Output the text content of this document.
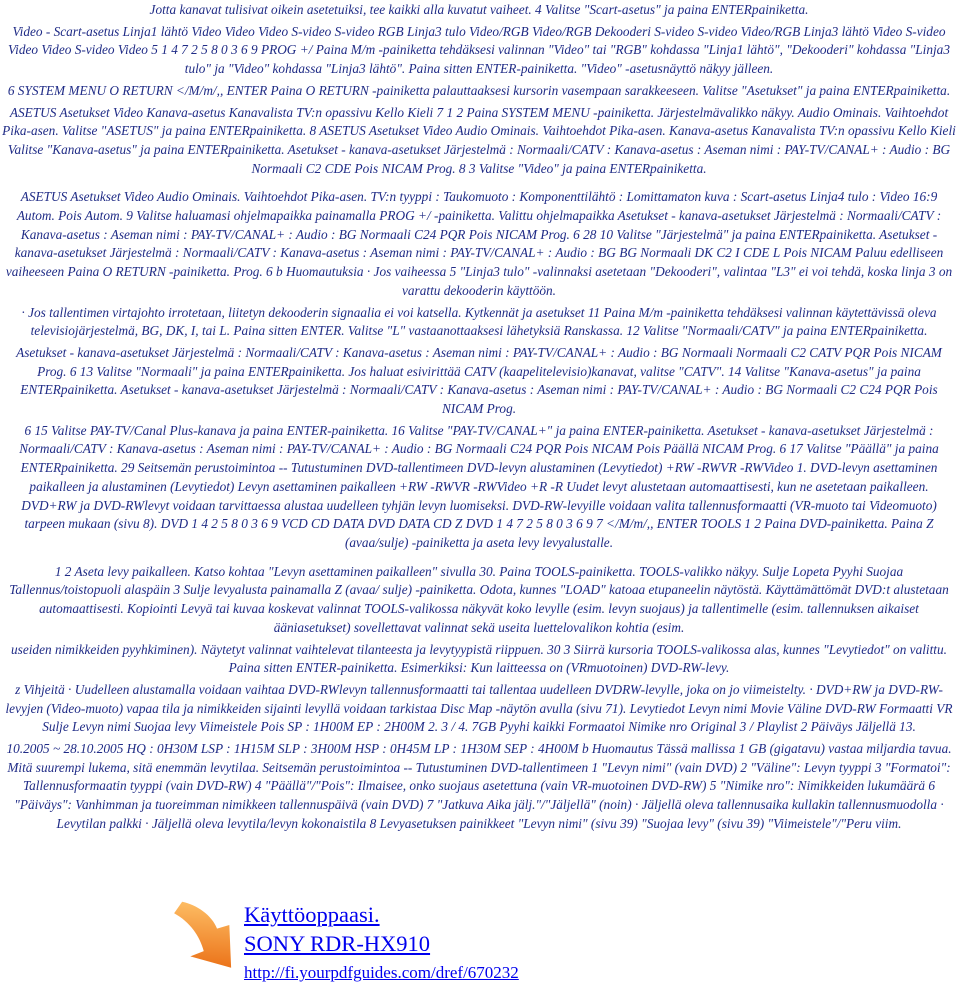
Jotta kanavat tulisivat oikein asetetuiksi, tee kaikki alla kuvatut vaiheet. 4 Valitse "Scart-asetus" ja paina ENTERpainiketta.

Video - Scart-asetus Linja1 lähtö Video Video Video S-video S-video RGB Linja3 tulo Video/RGB Video/RGB Dekooderi S-video S-video Video/RGB Linja3 lähtö Video S-video Video Video S-video Video 5 1 4 7 2 5 8 0 3 6 9 PROG +/ Paina M/m -painiketta tehdäksesi valinnan "Video" tai "RGB" kohdassa "Linja1 lähtö", "Dekooderi" kohdassa "Linja3 tulo" ja "Video" kohdassa "Linja3 lähtö". Paina sitten ENTER-painiketta. "Video" -asetusnäyttö näkyy jälleen.

6 SYSTEM MENU O RETURN </M/m/,, ENTER Paina O RETURN -painiketta palauttaaksesi kursorin vasempaan sarakkeeseen. Valitse "Asetukset" ja paina ENTERpainiketta.

ASETUS Asetukset Video Kanava-asetus Kanavalista TV:n opassivu Kello Kieli 7 1 2 Paina SYSTEM MENU -painiketta. Järjestelmävalikko näkyy. Audio Ominais. Vaihtoehdot Pika-asen. Valitse "ASETUS" ja paina ENTERpainiketta. 8 ASETUS Asetukset Video Audio Ominais. Vaihtoehdot Pika-asen. Kanava-asetus Kanavalista TV:n opassivu Kello Kieli Valitse "Kanava-asetus" ja paina ENTERpainiketta. Asetukset - kanava-asetukset Järjestelmä : Normaali/CATV : Kanava-asetus : Aseman nimi : PAY-TV/CANAL+ : Audio : BG Normaali C2 CDE Pois NICAM Prog. 8 3 Valitse "Video" ja paina ENTERpainiketta.

ASETUS Asetukset Video Audio Ominais. Vaihtoehdot Pika-asen. TV:n tyyppi : Taukomuoto : Komponenttilähtö : Lomittamaton kuva : Scart-asetus Linja4 tulo : Video 16:9 Autom. Pois Autom. 9 Valitse haluamasi ohjelmapaikka painamalla PROG +/ -painiketta. Valittu ohjelmapaikka Asetukset - kanava-asetukset Järjestelmä : Normaali/CATV : Kanava-asetus : Aseman nimi : PAY-TV/CANAL+ : Audio : BG Normaali C24 PQR Pois NICAM Prog. 6 28 10 Valitse "Järjestelmä" ja paina ENTERpainiketta. Asetukset - kanava-asetukset Järjestelmä : Normaali/CATV : Kanava-asetus : Aseman nimi : PAY-TV/CANAL+ : Audio : BG BG Normaali DK C2 I CDE L Pois NICAM Paluu edelliseen vaiheeseen Paina O RETURN -painiketta. Prog. 6 b Huomautuksia · Jos vaiheessa 5 "Linja3 tulo" -valinnaksi asetetaan "Dekooderi", valintaa "L3" ei voi tehdä, koska linja 3 on varattu dekooderin käyttöön.

· Jos tallentimen virtajohto irrotetaan, liitetyn dekooderin signaalia ei voi katsella. Kytkennät ja asetukset 11 Paina M/m -painiketta tehdäksesi valinnan käytettävissä oleva televisiojärjestelmä, BG, DK, I, tai L. Paina sitten ENTER. Valitse "L" vastaanottaaksesi lähetyksiä Ranskassa. 12 Valitse "Normaali/CATV" ja paina ENTERpainiketta.

Asetukset - kanava-asetukset Järjestelmä : Normaali/CATV : Kanava-asetus : Aseman nimi : PAY-TV/CANAL+ : Audio : BG Normaali Normaali C2 CATV PQR Pois NICAM Prog. 6 13 Valitse "Normaali" ja paina ENTERpainiketta. Jos haluat esivirittää CATV (kaapelitelevisio)kanavat, valitse "CATV". 14 Valitse "Kanava-asetus" ja paina ENTERpainiketta. Asetukset - kanava-asetukset Järjestelmä : Normaali/CATV : Kanava-asetus : Aseman nimi : PAY-TV/CANAL+ : Audio : BG Normaali C2 C24 PQR Pois NICAM Prog.

6 15 Valitse PAY-TV/Canal Plus-kanava ja paina ENTER-painiketta. 16 Valitse "PAY-TV/CANAL+" ja paina ENTER-painiketta. Asetukset - kanava-asetukset Järjestelmä : Normaali/CATV : Kanava-asetus : Aseman nimi : PAY-TV/CANAL+ : Audio : BG Normaali C24 PQR Pois NICAM Pois Päällä NICAM Prog. 6 17 Valitse "Päällä" ja paina ENTERpainiketta. 29 Seitsemän perustoimintoa -- Tutustuminen DVD-tallentimeen DVD-levyn alustaminen (Levytiedot) +RW -RWVR -RWVideo 1. DVD-levyn asettaminen paikalleen ja alustaminen (Levytiedot) Levyn asettaminen paikalleen +RW -RWVR -RWVideo +R -R Uudet levyt alustetaan automaattisesti, kun ne asetetaan paikalleen. DVD+RW ja DVD-RWlevyt voidaan tarvittaessa alustaa uudelleen tyhjän levyn luomiseksi. DVD-RW-levyille voidaan valita tallennusformaatti (VR-muoto tai Videomuoto) tarpeen mukaan (sivu 8). DVD 1 4 2 5 8 0 3 6 9 VCD CD DATA DVD DATA CD Z DVD 1 4 7 2 5 8 0 3 6 9 7 </M/m/,, ENTER TOOLS 1 2 Paina DVD-painiketta. Paina Z (avaa/sulje) -painiketta ja aseta levy levyalustalle.

1 2 Aseta levy paikalleen. Katso kohtaa "Levyn asettaminen paikalleen" sivulla 30. Paina TOOLS-painiketta. TOOLS-valikko näkyy. Sulje Lopeta Pyyhi Suojaa Tallennus/toistopuoli alaspäin 3 Sulje levyalusta painamalla Z (avaa/ sulje) -painiketta. Odota, kunnes "LOAD" katoaa etupaneelin näytöstä. Käyttämättömät DVD:t alustetaan automaattisesti. Kopiointi Levyä tai kuvaa koskevat valinnat TOOLS-valikossa näkyvät koko levylle (esim. levyn suojaus) ja tallentimelle (esim. tallennuksen aikaiset ääniasetukset) sovellettavat valinnat sekä useita luettelovalikon kohtia (esim.

useiden nimikkeiden pyyhkiminen). Näytetyt valinnat vaihtelevat tilanteesta ja levytyypistä riippuen. 30 3 Siirrä kursoria TOOLS-valikossa alas, kunnes "Levytiedot" on valittu. Paina sitten ENTER-painiketta. Esimerkiksi: Kun laitteessa on (VRmuotoinen) DVD-RW-levy.

z Vihjeitä · Uudelleen alustamalla voidaan vaihtaa DVD-RWlevyn tallennusformaatti tai tallentaa uudelleen DVDRW-levylle, joka on jo viimeistelty. · DVD+RW ja DVD-RW-levyjen (Video-muoto) vapaa tila ja nimikkeiden sijainti levyllä voidaan tarkistaa Disc Map -näytön avulla (sivu 71). Levytiedot Levyn nimi Movie Väline DVD-RW Formaatti VR Sulje Levyn nimi Suojaa levy Viimeistele Pois SP : 1H00M EP : 2H00M 2. 3 / 4. 7GB Pyyhi kaikki Formaatoi Nimike nro Original 3 / Playlist 2 Päiväys Jäljellä 13.

10.2005 ~ 28.10.2005 HQ : 0H30M LSP : 1H15M SLP : 3H00M HSP : 0H45M LP : 1H30M SEP : 4H00M b Huomautus Tässä mallissa 1 GB (gigatavu) vastaa miljardia tavua. Mitä suurempi lukema, sitä enemmän levytilaa. Seitsemän perustoimintoa -- Tutustuminen DVD-tallentimeen 1 "Levyn nimi" (vain DVD) 2 "Väline": Levyn tyyppi 3 "Formatoi": Tallennusformaatin tyyppi (vain DVD-RW) 4 "Päällä"/"Pois": Ilmaisee, onko suojaus asetettuna (vain VR-muotoinen DVD-RW) 5 "Nimike nro": Nimikkeiden lukumäärä 6 "Päiväys": Vanhimman ja tuoreimman nimikkeen tallennuspäivä (vain DVD) 7 "Jatkuva Aika jälj."/"Jäljellä" (noin) · Jäljellä oleva tallennusaika kullakin tallennusmuodolla · Levytilan palkki · Jäljellä oleva levytila/levyn kokonaistila 8 Levyasetuksen painikkeet "Levyn nimi" (sivu 39) "Suojaa levy" (sivu 39) "Viimeistele"/"Peru viim.

Käyttöoppaasi.
SONY RDR-HX910
http://fi.yourpdfguides.com/dref/670232
